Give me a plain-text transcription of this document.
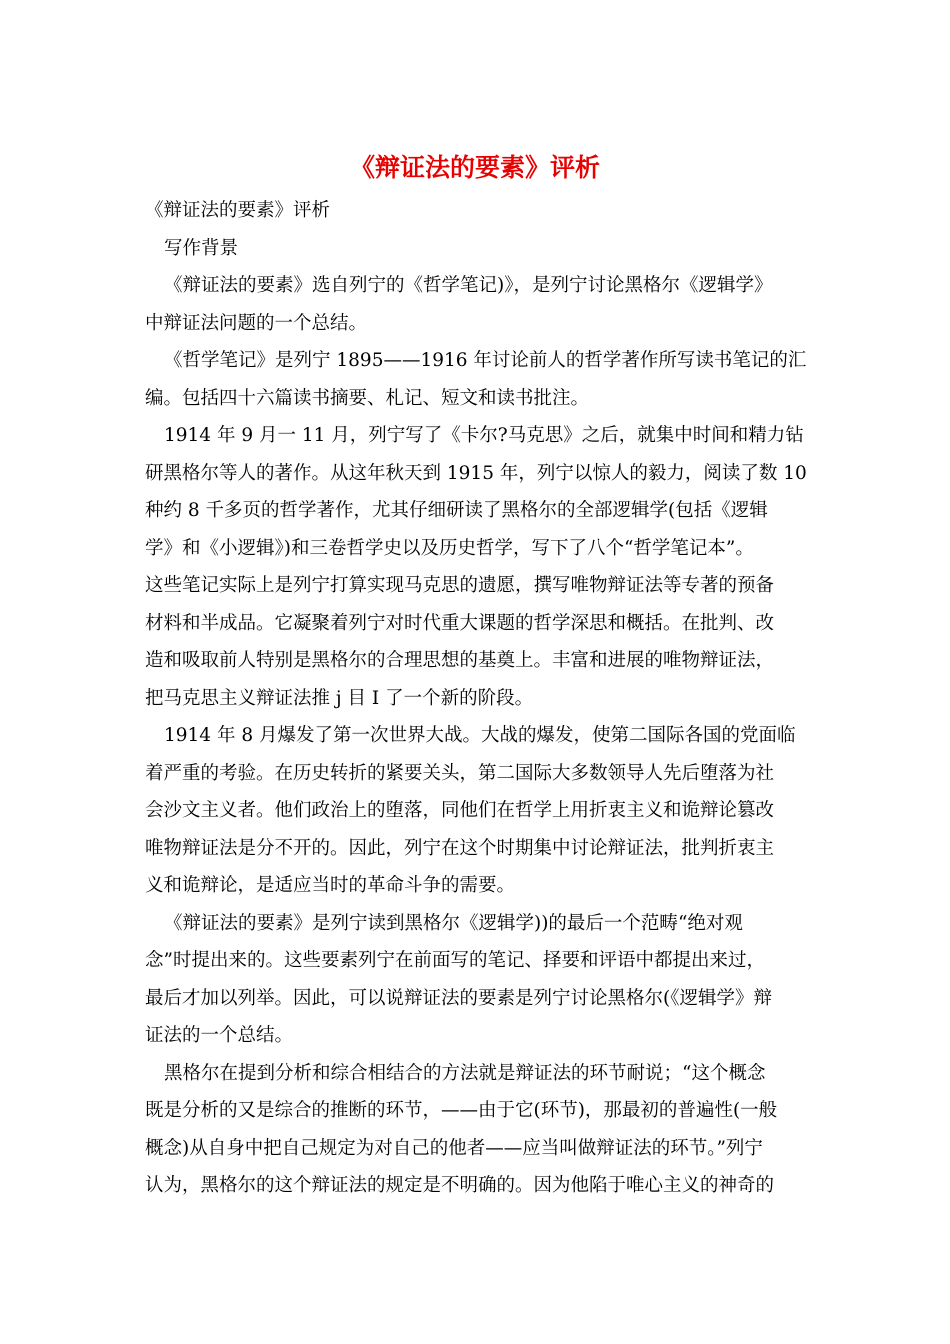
《辩证法的要素》评析
《辩证法的要素》评析
写作背景
《辩证法的要素》选自列宁的《哲学笔记)》，是列宁讨论黑格尔《逻辑学》
中辩证法问题的一个总结。
《哲学笔记》是列宁 1895——1916 年讨论前人的哲学著作所写读书笔记的汇
编。包括四十六篇读书摘要、札记、短文和读书批注。
1914 年 9 月一 11 月，列宁写了《卡尔?马克思》之后，就集中时间和精力钻
研黑格尔等人的著作。从这年秋天到 1915 年，列宁以惊人的毅力，阅读了数 10
种约 8 千多页的哲学著作，尤其仔细研读了黑格尔的全部逻辑学(包括《逻辑
学》和《小逻辑》)和三卷哲学史以及历史哲学，写下了八个“哲学笔记本”。
这些笔记实际上是列宁打算实现马克思的遗愿，撰写唯物辩证法等专著的预备
材料和半成品。它凝聚着列宁对时代重大课题的哲学深思和概括。在批判、改
造和吸取前人特别是黑格尔的合理思想的基奠上。丰富和进展的唯物辩证法，
把马克思主义辩证法推 j 目 I 了一个新的阶段。
1914 年 8 月爆发了第一次世界大战。大战的爆发，使第二国际各国的党面临
着严重的考验。在历史转折的紧要关头，第二国际大多数领导人先后堕落为社
会沙文主义者。他们政治上的堕落，同他们在哲学上用折衷主义和诡辩论篡改
唯物辩证法是分不开的。因此，列宁在这个时期集中讨论辩证法，批判折衷主
义和诡辩论，是适应当时的革命斗争的需要。
《辩证法的要素》是列宁读到黑格尔《逻辑学))的最后一个范畴“绝对观
念”时提出来的。这些要素列宁在前面写的笔记、择要和评语中都提出来过，
最后才加以列举。因此，可以说辩证法的要素是列宁讨论黑格尔(《逻辑学》辩
证法的一个总结。
黑格尔在提到分析和综合相结合的方法就是辩证法的环节耐说；“这个概念
既是分析的又是综合的推断的环节，——由于它(环节)，那最初的普遍性(一般
概念)从自身中把自己规定为对自己的他者——应当叫做辩证法的环节。”列宁
认为，黑格尔的这个辩证法的规定是不明确的。因为他陷于唯心主义的神奇的
